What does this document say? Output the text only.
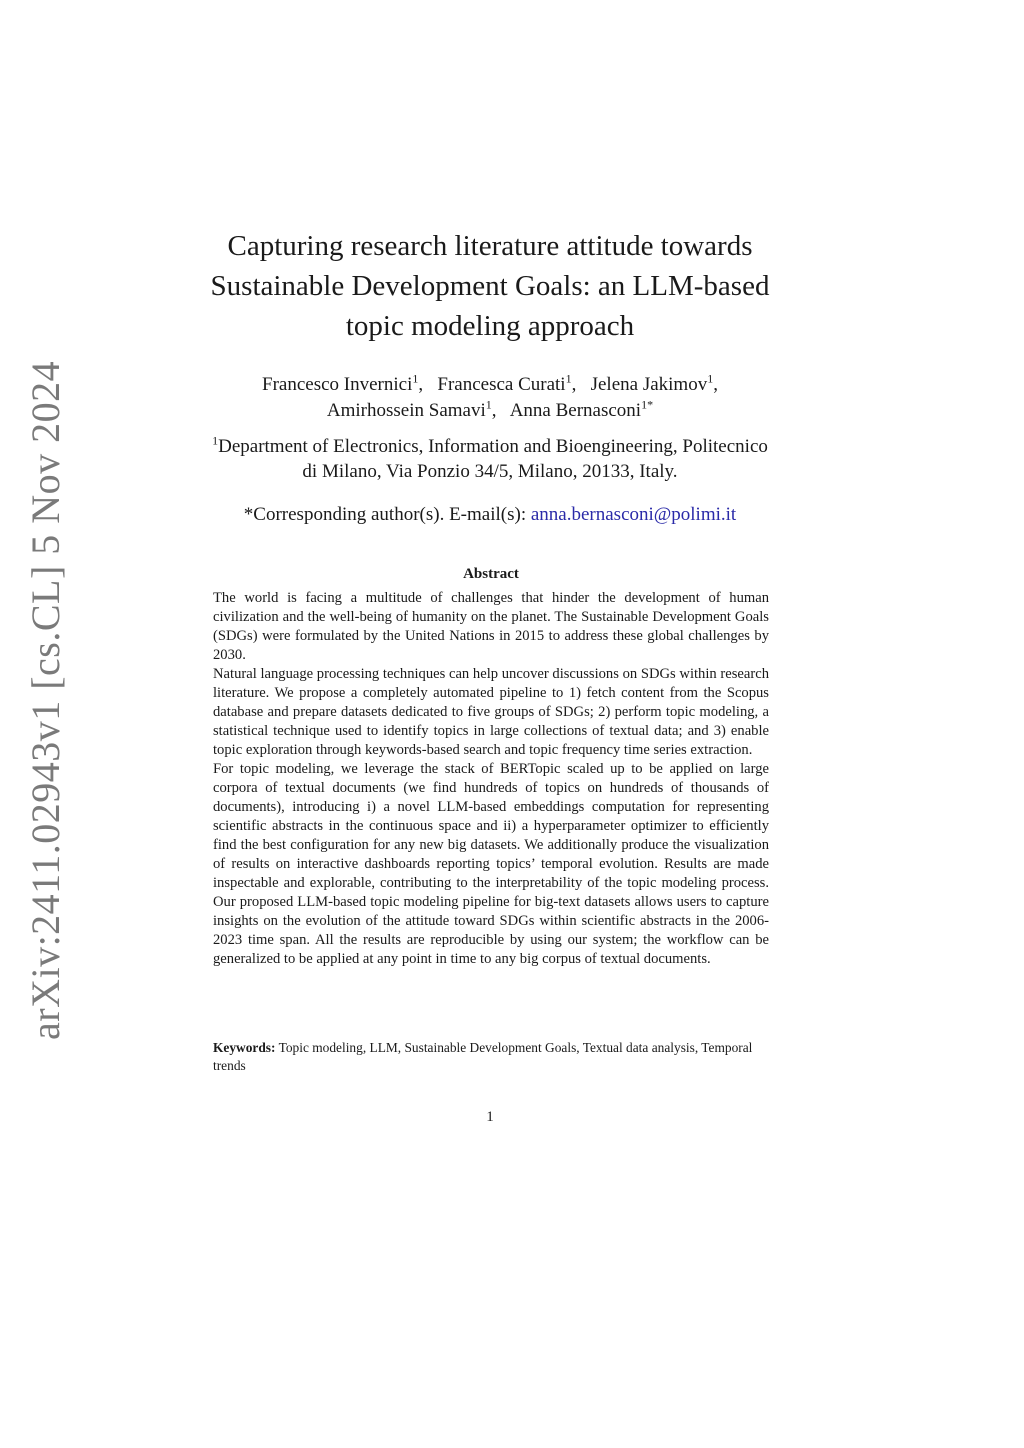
arXiv:2411.02943v1 [cs.CL] 5 Nov 2024
Capturing research literature attitude towards
Sustainable Development Goals: an LLM-based
topic modeling approach
Francesco Invernici$^1$,   Francesca Curati$^1$,   Jelena Jakimov$^1$,
Amirhossein Samavi$^1$,   Anna Bernasconi$^{1*}$
$^1$Department of Electronics, Information and Bioengineering, Politecnico
di Milano, Via Ponzio 34/5, Milano, 20133, Italy.
*Corresponding author(s). E-mail(s): anna.bernasconi@polimi.it
Abstract

The world is facing a multitude of challenges that hinder the development of human civilization and the well-being of humanity on the planet. The Sustainable Development Goals (SDGs) were formulated by the United Nations in 2015 to address these global challenges by 2030.

Natural language processing techniques can help uncover discussions on SDGs within research literature. We propose a completely automated pipeline to 1) fetch content from the Scopus database and prepare datasets dedicated to five groups of SDGs; 2) perform topic modeling, a statistical technique used to identify topics in large collections of textual data; and 3) enable topic exploration through keywords-based search and topic frequency time series extraction.

For topic modeling, we leverage the stack of BERTopic scaled up to be applied on large corpora of textual documents (we find hundreds of topics on hundreds of thousands of documents), introducing i) a novel LLM-based embeddings computation for representing scientific abstracts in the continuous space and ii) a hyperparameter optimizer to efficiently find the best configuration for any new big datasets. We additionally produce the visualization of results on interactive dashboards reporting topics’ temporal evolution. Results are made inspectable and explorable, contributing to the interpretability of the topic modeling process. Our proposed LLM-based topic modeling pipeline for big-text datasets allows users to capture insights on the evolution of the attitude toward SDGs within scientific abstracts in the 2006-2023 time span. All the results are reproducible by using our system; the workflow can be generalized to be applied at any point in time to any big corpus of textual documents.

Keywords: Topic modeling, LLM, Sustainable Development Goals, Textual data analysis, Temporal trends
1
